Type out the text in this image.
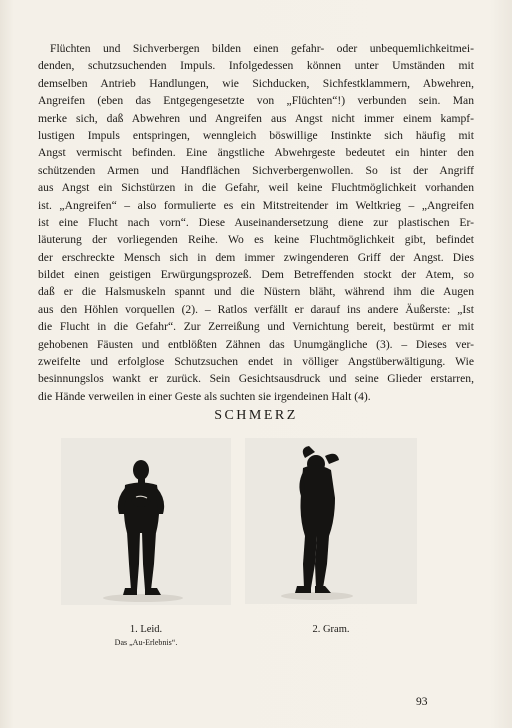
Flüchten und Sichverbergen bilden einen gefahr- oder unbequemlichkeitmei-
denden, schutzsuchenden Impuls. Infolgedessen können unter Umständen mit
demselben Antrieb Handlungen, wie Sichducken, Sichfestklammern, Abwehren,
Angreifen (eben das Entgegengesetzte von „Flüchten“!) verbunden sein. Man
merke sich, daß Abwehren und Angreifen aus Angst nicht immer einem kampf-
lustigen Impuls entspringen, wenngleich böswillige Instinkte sich häufig mit
Angst vermischt befinden. Eine ängstliche Abwehrgeste bedeutet ein hinter den
schützenden Armen und Handflächen Sichverbergenwollen. So ist der Angriff
aus Angst ein Sichstürzen in die Gefahr, weil keine Fluchtmöglichkeit vorhanden
ist. „Angreifen“ – also formulierte es ein Mitstreitender im Weltkrieg – „Angreifen
ist eine Flucht nach vorn“. Diese Auseinandersetzung diene zur plastischen Er-
läuterung der vorliegenden Reihe. Wo es keine Fluchtmöglichkeit gibt, befindet
der erschreckte Mensch sich in dem immer zwingenderen Griff der Angst. Dies
bildet einen geistigen Erwürgungsprozeß. Dem Betreffenden stockt der Atem, so
daß er die Halsmuskeln spannt und die Nüstern bläht, während ihm die Augen
aus den Höhlen vorquellen (2). – Ratlos verfällt er darauf ins andere Äußerste: „Ist
die Flucht in die Gefahr“. Zur Zerreißung und Vernichtung bereit, bestürmt er mit
gehobenen Fäusten und entblößten Zähnen das Unumgängliche (3). – Dieses ver-
zweifelte und erfolglose Schutzsuchen endet in völliger Angstüberwältigung. Wie
besinnungslos wankt er zurück. Sein Gesichtsausdruck und seine Glieder erstarren,
die Hände verweilen in einer Geste als suchten sie irgendeinen Halt (4).
SCHMERZ

1. Leid.

Das „Au-Erlebnis“.

2. Gram.

93
